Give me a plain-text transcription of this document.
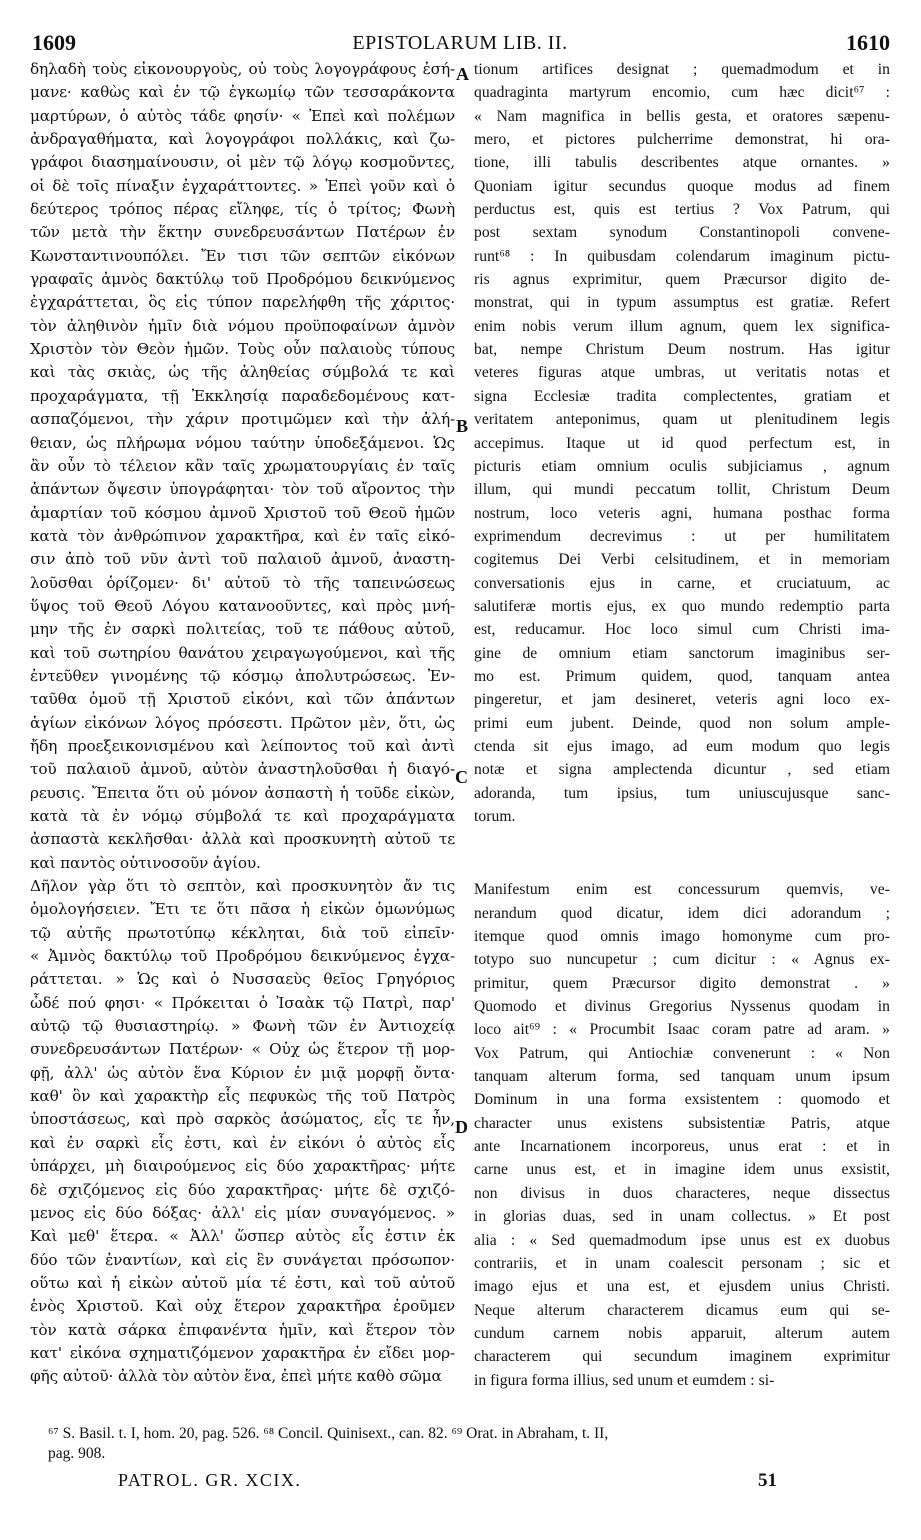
1609	EPISTOLARUM LIB. II.	1610
δηλαδὴ τοὺς εἰκονουργοὺς, οὐ τοὺς λογογράφους ἐσή-
μανε· καθὼς καὶ ἐν τῷ ἐγκωμίῳ τῶν τεσσαράκοντα
μαρτύρων, ὁ αὐτὸς τάδε φησίν· « Ἐπεὶ καὶ πολέμων
ἀνδραγαθήματα, καὶ λογογράφοι πολλάκις, καὶ ζω-
γράφοι διασημαίνουσιν, οἱ μὲν τῷ λόγῳ κοσμοῦντες,
οἱ δὲ τοῖς πίναξιν ἐγχαράττοντες. » Ἐπεὶ γοῦν καὶ ὁ
δεύτερος τρόπος πέρας εἴληφε, τίς ὁ τρίτος; Φωνὴ
τῶν μετὰ τὴν ἕκτην συνεδρευσάντων Πατέρων ἐν
Κωνσταντινουπόλει. Ἔν τισι τῶν σεπτῶν εἰκόνων
γραφαῖς ἀμνὸς δακτύλῳ τοῦ Προδρόμου δεικνύμενος
ἐγχαράττεται, ὃς εἰς τύπον παρελήφθη τῆς χάριτος·
τὸν ἀληθινὸν ἡμῖν διὰ νόμου προϋποφαίνων ἀμνὸν
Χριστὸν τὸν Θεὸν ἡμῶν. Τοὺς οὖν παλαιοὺς τύπους
καὶ τὰς σκιὰς, ὡς τῆς ἀληθείας σύμβολά τε καὶ
προχαράγματα, τῇ Ἐκκλησίᾳ παραδεδομένους κατ-
ασπαζόμενοι, τὴν χάριν προτιμῶμεν καὶ τὴν ἀλή-
θειαν, ὡς πλήρωμα νόμου ταύτην ὑποδεξάμενοι. Ὡς
ἂν οὖν τὸ τέλειον κἂν ταῖς χρωματουργίαις ἐν ταῖς
ἁπάντων ὄψεσιν ὑπογράφηται· τὸν τοῦ αἴροντος τὴν
ἁμαρτίαν τοῦ κόσμου ἀμνοῦ Χριστοῦ τοῦ Θεοῦ ἡμῶν
κατὰ τὸν ἀνθρώπινον χαρακτῆρα, καὶ ἐν ταῖς εἰκό-
σιν ἀπὸ τοῦ νῦν ἀντὶ τοῦ παλαιοῦ ἀμνοῦ, ἀναστη-
λοῦσθαι ὁρίζομεν· δι' αὐτοῦ τὸ τῆς ταπεινώσεως
ὕψος τοῦ Θεοῦ Λόγου κατανοοῦντες, καὶ πρὸς μνή-
μην τῆς ἐν σαρκὶ πολιτείας, τοῦ τε πάθους αὐτοῦ,
καὶ τοῦ σωτηρίου θανάτου χειραγωγούμενοι, καὶ τῆς
ἐντεῦθεν γινομένης τῷ κόσμῳ ἀπολυτρώσεως. Ἐν-
ταῦθα ὁμοῦ τῇ Χριστοῦ εἰκόνι, καὶ τῶν ἁπάντων
ἁγίων εἰκόνων λόγος πρόσεστι. Πρῶτον μὲν, ὅτι, ὡς
ἤδη προεξεικονισμένου καὶ λείποντος τοῦ καὶ ἀντὶ
τοῦ παλαιοῦ ἀμνοῦ, αὐτὸν ἀναστηλοῦσθαι ἡ διαγό-
ρευσις. Ἔπειτα ὅτι οὐ μόνον ἀσπαστὴ ἡ τοῦδε εἰκὼν,
κατὰ τὰ ἐν νόμῳ σύμβολά τε καὶ προχαράγματα
ἀσπαστὰ κεκλῆσθαι· ἀλλὰ καὶ προσκυνητὴ αὐτοῦ τε
καὶ παντὸς οὑτινοσοῦν ἁγίου.
Δῆλον γὰρ ὅτι τὸ σεπτὸν, καὶ προσκυνητὸν ἄν τις
ὁμολογήσειεν. Ἔτι τε ὅτι πᾶσα ἡ εἰκὼν ὁμωνύμως
τῷ αὐτῆς πρωτοτύπῳ κέκληται, διὰ τοῦ εἰπεῖν·
« Ἀμνὸς δακτύλῳ τοῦ Προδρόμου δεικνύμενος ἐγχα-
ράττεται. » Ὡς καὶ ὁ Νυσσαεὺς θεῖος Γρηγόριος
ὧδέ πού φησι· « Πρόκειται ὁ Ἰσαὰκ τῷ Πατρὶ, παρ'
αὐτῷ τῷ θυσιαστηρίῳ. » Φωνὴ τῶν ἐν Ἀντιοχείᾳ
συνεδρευσάντων Πατέρων· « Οὐχ ὡς ἕτερον τῇ μορ-
φῇ, ἀλλ' ὡς αὐτὸν ἕνα Κύριον ἐν μιᾷ μορφῇ ὄντα·
καθ' ὃν καὶ χαρακτὴρ εἷς πεφυκὼς τῆς τοῦ Πατρὸς
ὑποστάσεως, καὶ πρὸ σαρκὸς ἀσώματος, εἷς τε ἦν,
καὶ ἐν σαρκὶ εἷς ἐστι, καὶ ἐν εἰκόνι ὁ αὐτὸς εἷς
ὑπάρχει, μὴ διαιρούμενος εἰς δύο χαρακτῆρας· μήτε
δὲ σχιζόμενος εἰς δύο χαρακτῆρας· μήτε δὲ σχιζό-
μενος εἰς δύο δόξας· ἀλλ' εἰς μίαν συναγόμενος. »
Καὶ μεθ' ἕτερα. « Ἀλλ' ὥσπερ αὐτὸς εἷς ἐστιν ἐκ
δύο τῶν ἐναντίων, καὶ εἰς ἓν συνάγεται πρόσωπον·
οὕτω καὶ ἡ εἰκὼν αὐτοῦ μία τέ ἐστι, καὶ τοῦ αὐτοῦ
ἑνὸς Χριστοῦ. Καὶ οὐχ ἕτερον χαρακτῆρα ἐροῦμεν
τὸν κατὰ σάρκα ἐπιφανέντα ἡμῖν, καὶ ἕτερον τὸν
κατ' εἰκόνα σχηματιζόμενον χαρακτῆρα ἐν εἴδει μορ-
φῆς αὐτοῦ· ἀλλὰ τὸν αὐτὸν ἕνα, ἐπεὶ μήτε καθὸ σῶμα
tionum artifices designat ; quemadmodum et in
quadraginta martyrum encomio, cum hæc dicit⁶⁷ :
« Nam magnifica in bellis gesta, et oratores sæpenu-
mero, et pictores pulcherrime demonstrat, hi ora-
tione, illi tabulis describentes atque ornantes. »
Quoniam igitur secundus quoque modus ad finem
perductus est, quis est tertius ? Vox Patrum, qui
post sextam synodum Constantinopoli convene-
runt⁶⁸ : In quibusdam colendarum imaginum pictu-
ris agnus exprimitur, quem Præcursor digito de-
monstrat, qui in typum assumptus est gratiæ. Refert
enim nobis verum illum agnum, quem lex significa-
bat, nempe Christum Deum nostrum. Has igitur
veteres figuras atque umbras, ut veritatis notas et
signa Ecclesiæ tradita complectentes, gratiam et
veritatem anteponimus, quam ut plenitudinem legis
accepimus. Itaque ut id quod perfectum est, in
picturis etiam omnium oculis subjiciamus , agnum
illum, qui mundi peccatum tollit, Christum Deum
nostrum, loco veteris agni, humana posthac forma
exprimendum decrevimus : ut per humilitatem
cogitemus Dei Verbi celsitudinem, et in memoriam
conversationis ejus in carne, et cruciatuum, ac
salutiferæ mortis ejus, ex quo mundo redemptio parta
est, reducamur. Hoc loco simul cum Christi ima-
gine de omnium etiam sanctorum imaginibus ser-
mo est. Primum quidem, quod, tanquam antea
pingeretur, et jam desineret, veteris agni loco ex-
primi eum jubent. Deinde, quod non solum ample-
ctenda sit ejus imago, ad eum modum quo legis
notæ et signa amplectenda dicuntur , sed etiam
adoranda, tum ipsius, tum uniuscujusque sanc-
torum.
Manifestum enim est concessurum quemvis, ve-
nerandum quod dicatur, idem dici adorandum ;
itemque quod omnis imago homonyme cum pro-
totypo suo nuncupetur ; cum dicitur : « Agnus ex-
primitur, quem Præcursor digito demonstrat . »
Quomodo et divinus Gregorius Nyssenus quodam in
loco ait⁶⁹ : « Procumbit Isaac coram patre ad aram. »
Vox Patrum, qui Antiochiæ convenerunt : « Non
tanquam alterum forma, sed tanquam unum ipsum
Dominum in una forma exsistentem : quomodo et
character unus existens subsistentiæ Patris, atque
ante Incarnationem incorporeus, unus erat : et in
carne unus est, et in imagine idem unus exsistit,
non divisus in duos characteres, neque dissectus
in glorias duas, sed in unam collectus. » Et post
alia : « Sed quemadmodum ipse unus est ex duobus
contrariis, et in unam coalescit personam ; sic et
imago ejus et una est, et ejusdem unius Christi.
Neque alterum characterem dicamus eum qui se-
cundum carnem nobis apparuit, alterum autem
characterem qui secundum imaginem exprimitur
in figura forma illius, sed unum et eumdem : si-
A
B
C
D
⁶⁷ S. Basil. t. I, hom. 20, pag. 526. ⁶⁸ Concil. Quinisext., can. 82. ⁶⁹ Orat. in Abraham, t. II,
pag. 908.
PATROL. GR. XCIX.	51
